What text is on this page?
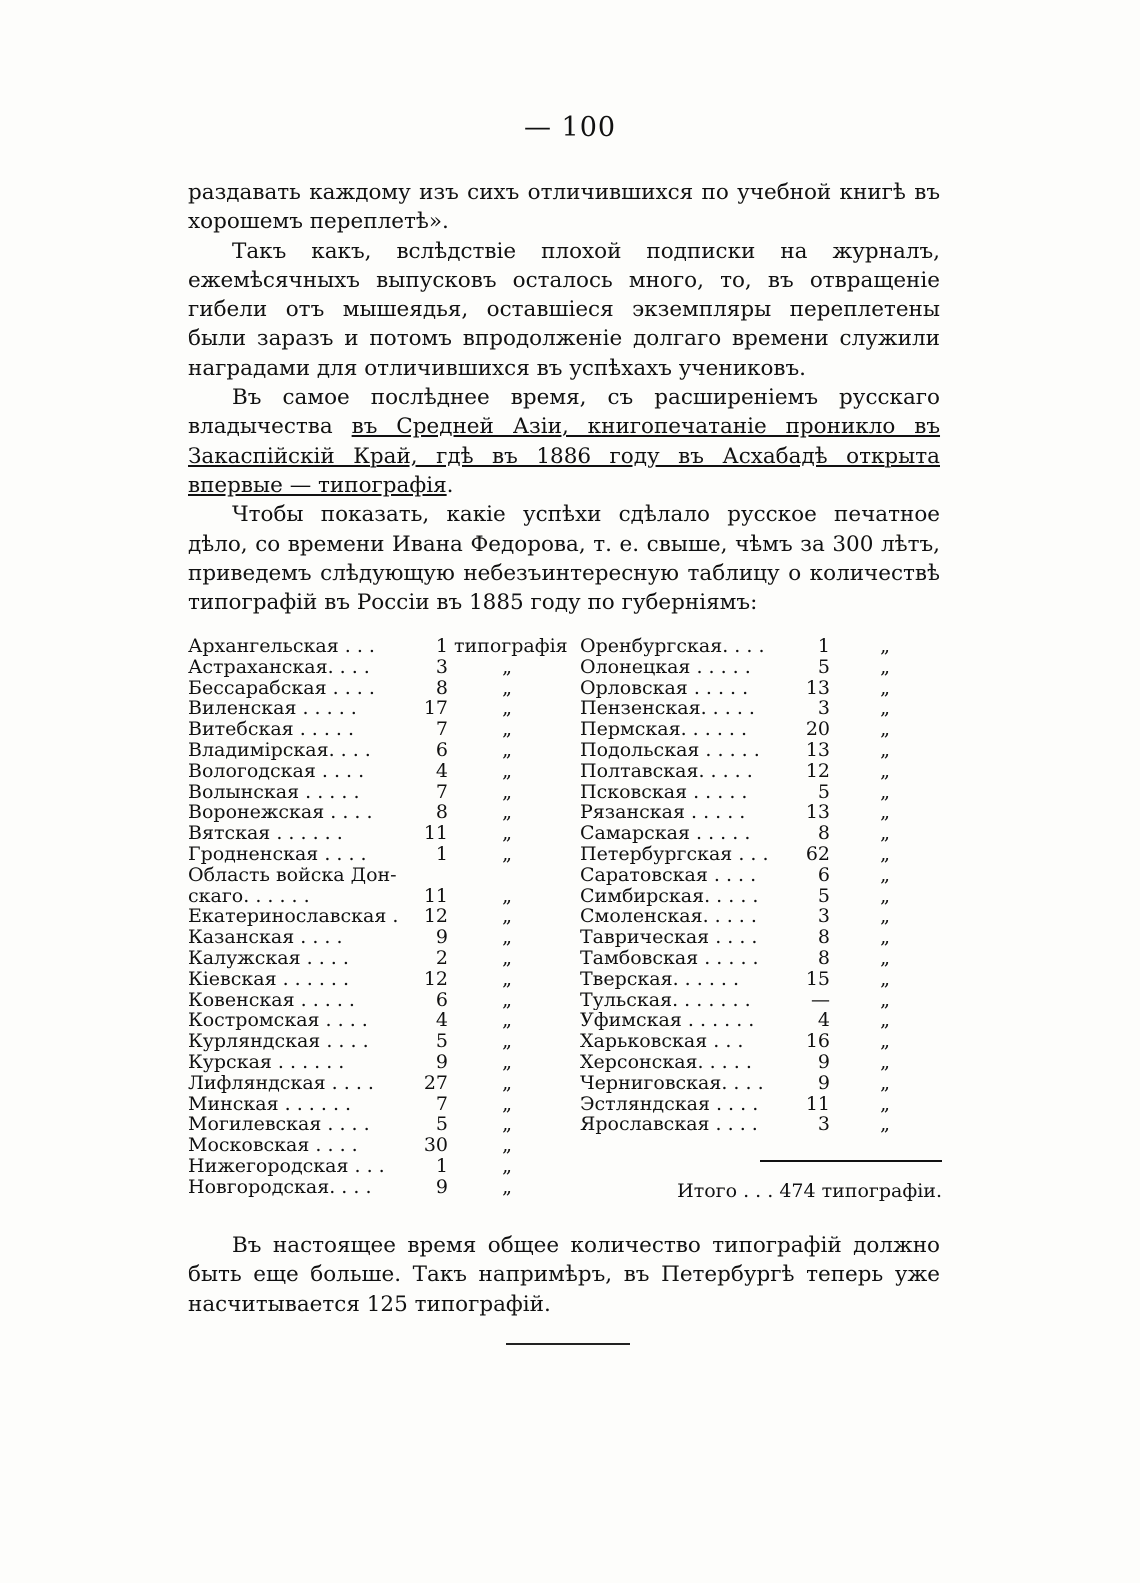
— 100

раздавать каждому изъ сихъ отличившихся по учебной книгѣ въ хорошемъ переплетѣ».

Такъ какъ, вслѣдствіе плохой подписки на журналъ, ежемѣсячныхъ выпусковъ осталось много, то, въ отвращеніе гибели отъ мышеядья, оставшіеся экземпляры переплетены были заразъ и потомъ впродолженіе долгаго времени служили наградами для отличившихся въ успѣхахъ учениковъ.

Въ самое послѣднее время, съ расширеніемъ русскаго владычества въ Средней Азіи, книгопечатаніе проникло въ Закаспійскій Край, гдѣ въ 1886 году въ Асхабадѣ открыта впервые — типографія.

Чтобы показать, какіе успѣхи сдѣлало русское печатное дѣло, со времени Ивана Федорова, т. е. свыше, чѣмъ за 300 лѣтъ, приведемъ слѣдующую небезъинтересную таблицу о количествѣ типографій въ Россіи въ 1885 году по губерніямъ:

Архангельская . . .	1 типографія
Астраханская. . . .	3	„
Бессарабская . . . .	8	„
Виленская . . . . .	17	„
Витебская . . . . .	7	„
Владимірская. . . .	6	„
Вологодская . . . .	4	„
Волынская . . . . .	7	„
Воронежская . . . .	8	„
Вятская . . . . . .	11	„
Гродненская . . . .	1	„
Область войска Дон-
скаго. . . . . .	11	„
Екатеринославская .	12	„
Казанская . . . .	9	„
Калужская . . . .	2	„
Кіевская . . . . . .	12	„
Ковенская . . . . .	6	„
Костромская . . . .	4	„
Курляндская . . . .	5	„
Курская . . . . . .	9	„
Лифляндская . . . .	27	„
Минская . . . . . .	7	„
Могилевская . . . .	5	„
Московская . . . .	30	„
Нижегородская . . .	1	„
Новгородская. . . .	9	„
Оренбургская. . . .	1	„
Олонецкая . . . . .	5	„
Орловская . . . . .	13	„
Пензенская. . . . .	3	„
Пермская. . . . . .	20	„
Подольская . . . . .	13	„
Полтавская. . . . .	12	„
Псковская . . . . .	5	„
Рязанская . . . . .	13	„
Самарская . . . . .	8	„
Петербургская . . .	62	„
Саратовская . . . .	6	„
Симбирская. . . . .	5	„
Смоленская. . . . .	3	„
Таврическая . . . .	8	„
Тамбовская . . . . .	8	„
Тверская. . . . . .	15	„
Тульская. . . . . . .	—	„
Уфимская . . . . . .	4	„
Харьковская . . .	16	„
Херсонская. . . . .	9	„
Черниговская. . . .	9	„
Эстляндская . . . .	11	„
Ярославская . . . .	3	„
Итого . . . 474 типографіи.
Въ настоящее время общее количество типографій должно быть еще больше. Такъ напримѣръ, въ Петербургѣ теперь уже насчитывается 125 типографій.
